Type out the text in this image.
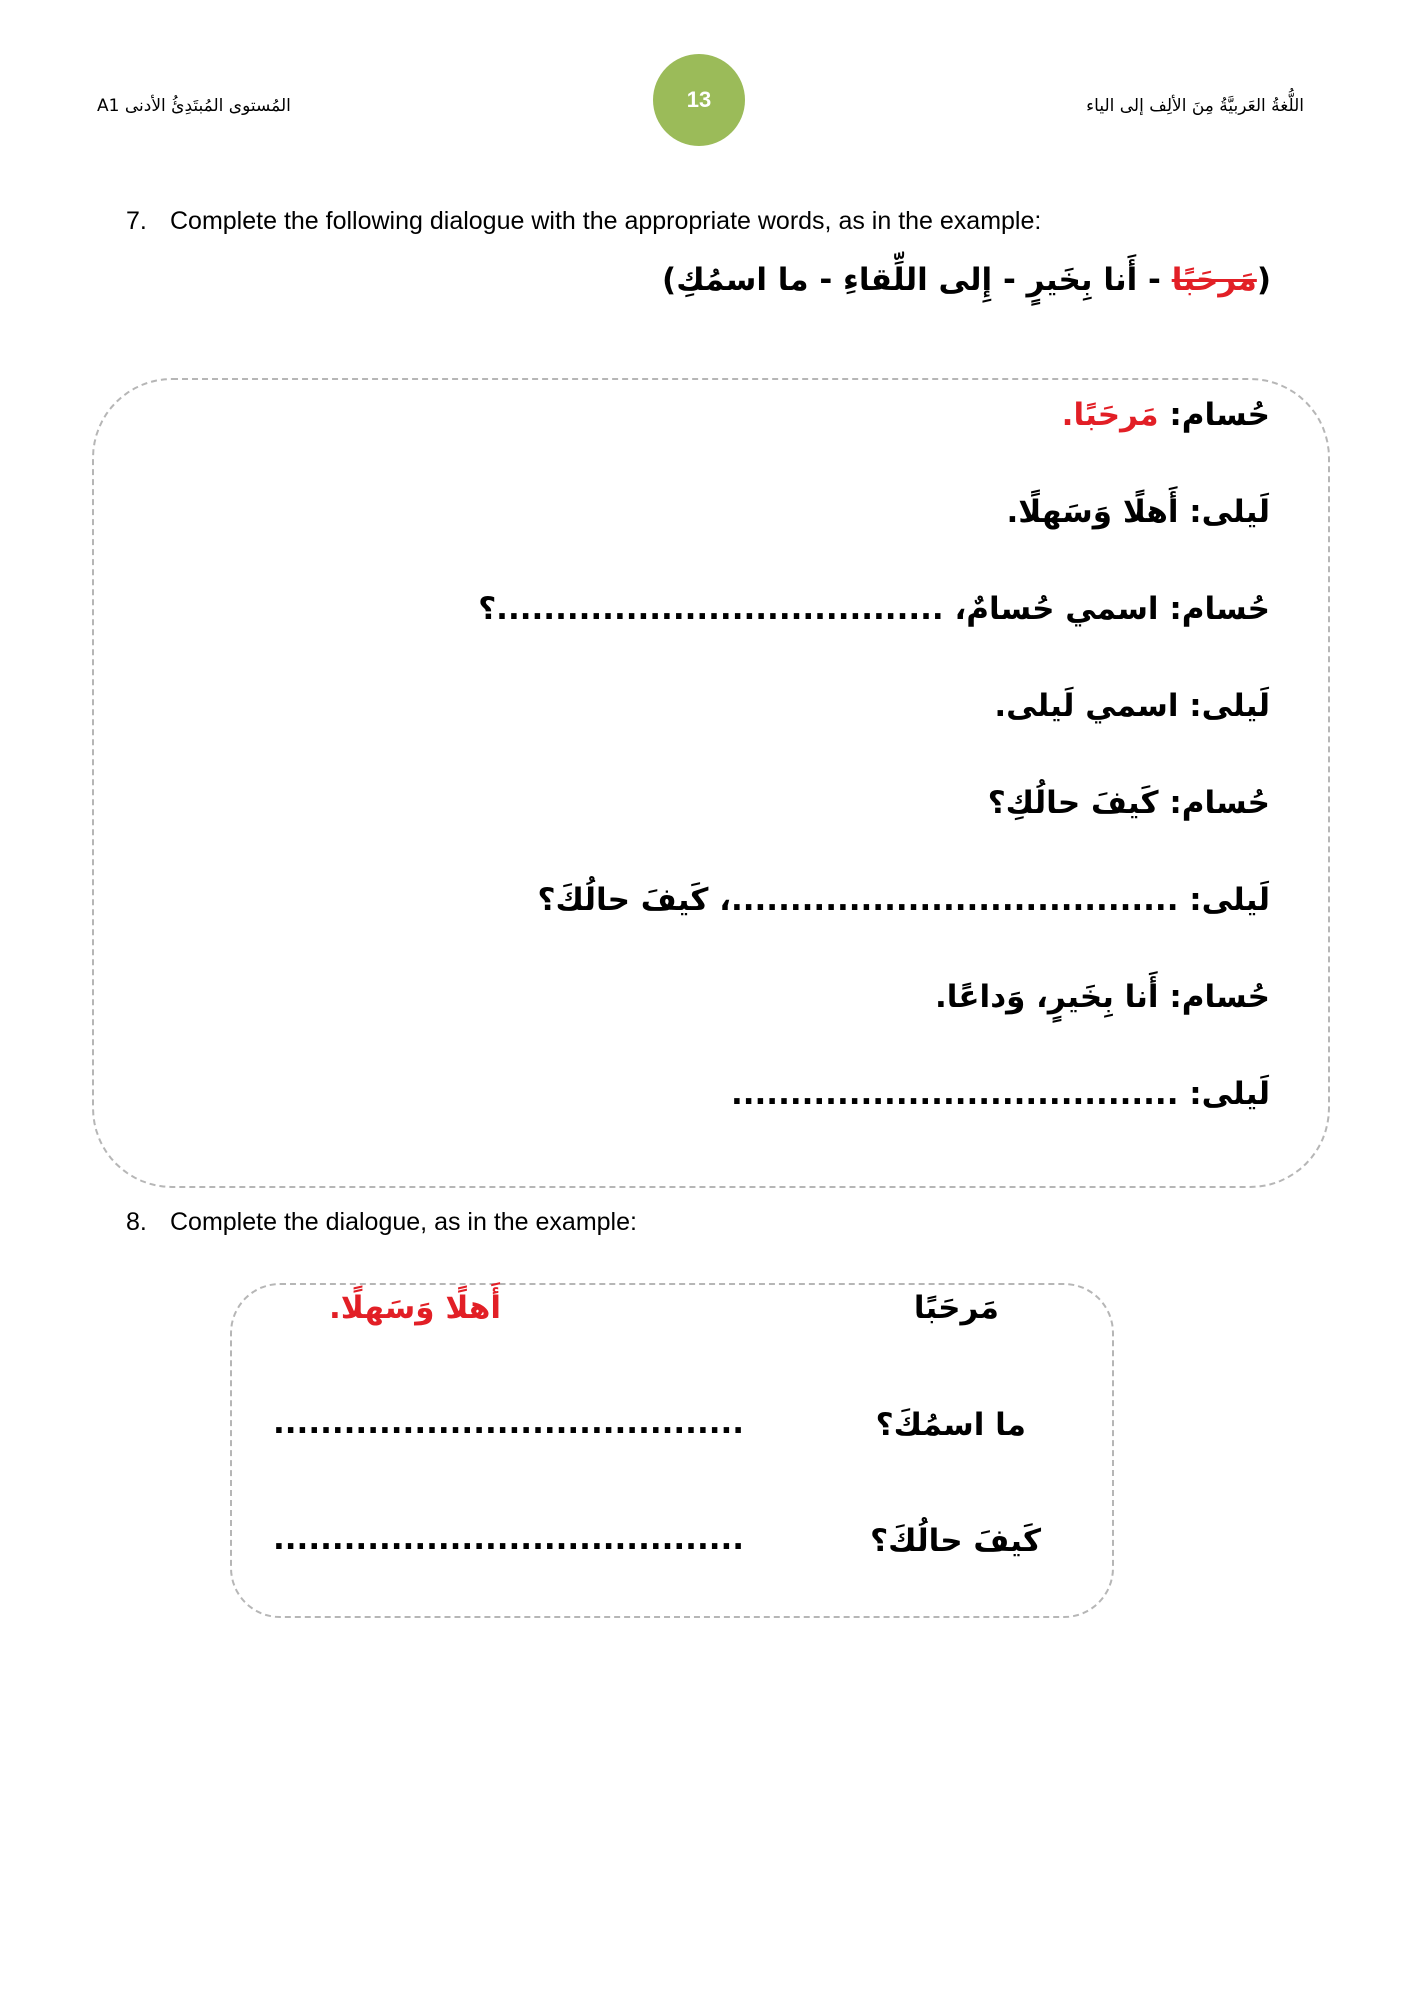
المُستوى المُبتَدِئُ الأدنى A1	13	اللُّغةُ العَربيَّةُ مِنَ الألِف إلى الياء
7. Complete the following dialogue with the appropriate words, as in the example:
(مَرحَبًا - أَنا بِخَيرٍ - إِلى اللِّقاءِ - ما اسمُكِ)
حُسام: مَرحَبًا.
لَيلى: أَهلًا وَسَهلًا.
حُسام: اسمي حُسامٌ، ......................................؟
لَيلى: اسمي لَيلى.
حُسام: كَيفَ حالُكِ؟
لَيلى: ......................................، كَيفَ حالُكَ؟
حُسام: أَنا بِخَيرٍ، وَداعًا.
لَيلى: ......................................
8. Complete the dialogue, as in the example:
مَرحَبًا
أَهلًا وَسَهلًا.
ما اسمُكَ؟
........................................
كَيفَ حالُكَ؟
........................................
